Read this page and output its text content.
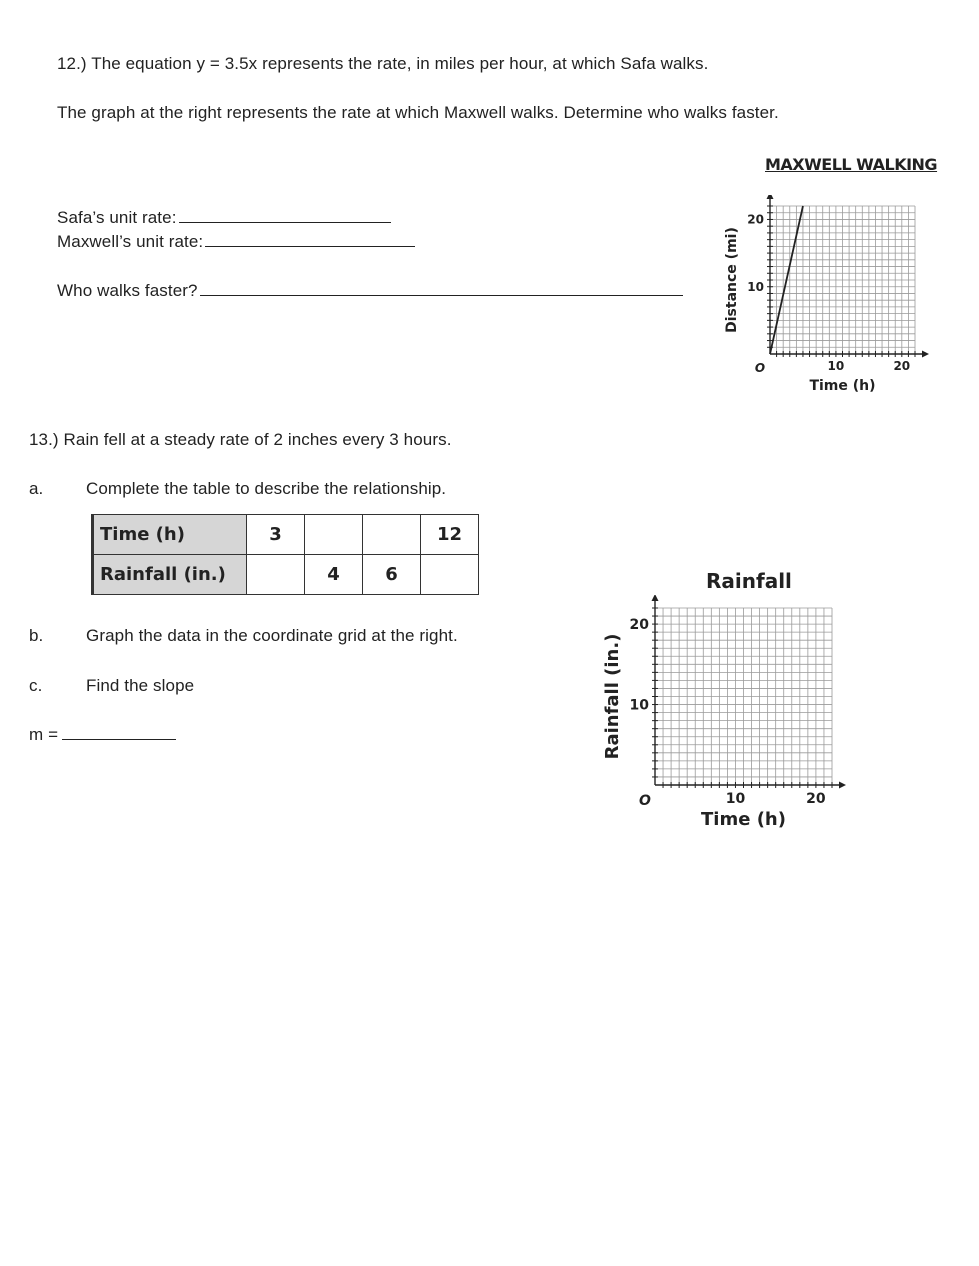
12.) The equation y = 3.5x represents the rate, in miles per hour, at which Safa walks.
The graph at the right represents the rate at which Maxwell walks. Determine who walks faster.
Safa’s unit rate:
Maxwell’s unit rate:
Who walks faster?
MAXWELL WALKING
10	20
10
20
O
Time (h)
Distance (mi)
13.) Rain fell at a steady rate of 2 inches every 3 hours.
a.	Complete the table to describe the relationship.
Time (h)	3			12
Rainfall (in.)		4	6	
b.	Graph the data in the coordinate grid at the right.
c.	Find the slope
m =
Rainfall
10	20
10
20
O
Time (h)
Rainfall (in.)
